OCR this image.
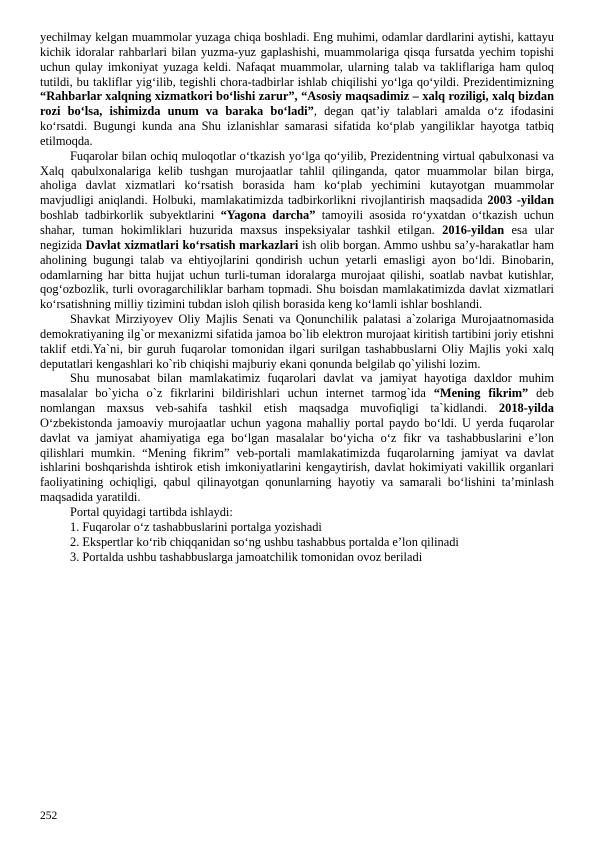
yechilmay kelgan muammolar yuzaga chiqa boshladi. Eng muhimi, odamlar dardlarini aytishi, kattayu kichik idoralar rahbarlari bilan yuzma-yuz gaplashishi, muammolariga qisqa fursatda yechim topishi uchun qulay imkoniyat yuzaga keldi. Nafaqat muammolar, ularning talab va takliflariga ham quloq tutildi, bu takliflar yig‘ilib, tegishli chora-tadbirlar ishlab chiqilishi yo‘lga qo‘yildi. Prezidentimizning “Rahbarlar xalqning xizmatkori bo‘lishi zarur”, “Asosiy maqsadimiz – xalq roziligi, xalq bizdan rozi bo‘lsa, ishimizda unum va baraka bo‘ladi”, degan qat’iy talablari amalda o‘z ifodasini ko‘rsatdi. Bugungi kunda ana Shu izlanishlar samarasi sifatida ko‘plab yangiliklar hayotga tatbiq etilmoqda.

Fuqarolar bilan ochiq muloqotlar o‘tkazish yo‘lga qo‘yilib, Prezidentning virtual qabulxonasi va Xalq qabulxonalariga kelib tushgan murojaatlar tahlil qilinganda, qator muammolar bilan birga, aholiga davlat xizmatlari ko‘rsatish borasida ham ko‘plab yechimini kutayotgan muammolar mavjudligi aniqlandi. Holbuki, mamlakatimizda tadbirkorlikni rivojlantirish maqsadida 2003 -yildan boshlab tadbirkorlik subyektlarini “Yagona darcha” tamoyili asosida ro‘yxatdan o‘tkazish uchun shahar, tuman hokimliklari huzurida maxsus inspeksiyalar tashkil etilgan. 2016-yildan esa ular negizida Davlat xizmatlari ko‘rsatish markazlari ish olib borgan. Ammo ushbu sa’y-harakatlar ham aholining bugungi talab va ehtiyojlarini qondirish uchun yetarli emasligi ayon bo‘ldi. Binobarin, odamlarning har bitta hujjat uchun turli-tuman idoralarga murojaat qilishi, soatlab navbat kutishlar, qog‘ozbozlik, turli ovoragarchiliklar barham topmadi. Shu boisdan mamlakatimizda davlat xizmatlari ko‘rsatishning milliy tizimini tubdan isloh qilish borasida keng ko‘lamli ishlar boshlandi.

Shavkat Mirziyoyev Oliy Majlis Senati va Qonunchilik palatasi a`zolariga Murojaatnomasida demokratiyaning ilg`or mexanizmi sifatida jamoa bo`lib elektron murojaat kiritish tartibini joriy etishni taklif etdi.Ya`ni, bir guruh fuqarolar tomonidan ilgari surilgan tashabbuslarni Oliy Majlis yoki xalq deputatlari kengashlari ko`rib chiqishi majburiy ekani qonunda belgilab qo`yilishi lozim.

Shu munosabat bilan mamlakatimiz fuqarolari davlat va jamiyat hayotiga daxldor muhim masalalar bo`yicha o`z fikrlarini bildirishlari uchun internet tarmog`ida “Mening fikrim” deb nomlangan maxsus veb-sahifa tashkil etish maqsadga muvofiqligi ta`kidlandi. 2018-yilda O‘zbekistonda jamoaviy murojaatlar uchun yagona mahalliy portal paydo bo‘ldi. U yerda fuqarolar davlat va jamiyat ahamiyatiga ega bo‘lgan masalalar bo‘yicha o‘z fikr va tashabbuslarini e’lon qilishlari mumkin. “Mening fikrim” veb-portali mamlakatimizda fuqarolarning jamiyat va davlat ishlarini boshqarishda ishtirok etish imkoniyatlarini kengaytirish, davlat hokimiyati vakillik organlari faoliyatining ochiqligi, qabul qilinayotgan qonunlarning hayotiy va samarali bo‘lishini ta’minlash maqsadida yaratildi.

Portal quyidagi tartibda ishlaydi:

1. Fuqarolar o‘z tashabbuslarini portalga yozishadi

2. Ekspertlar ko‘rib chiqqanidan so‘ng ushbu tashabbus portalda e’lon qilinadi

3. Portalda ushbu tashabbuslarga jamoatchilik tomonidan ovoz beriladi

252
